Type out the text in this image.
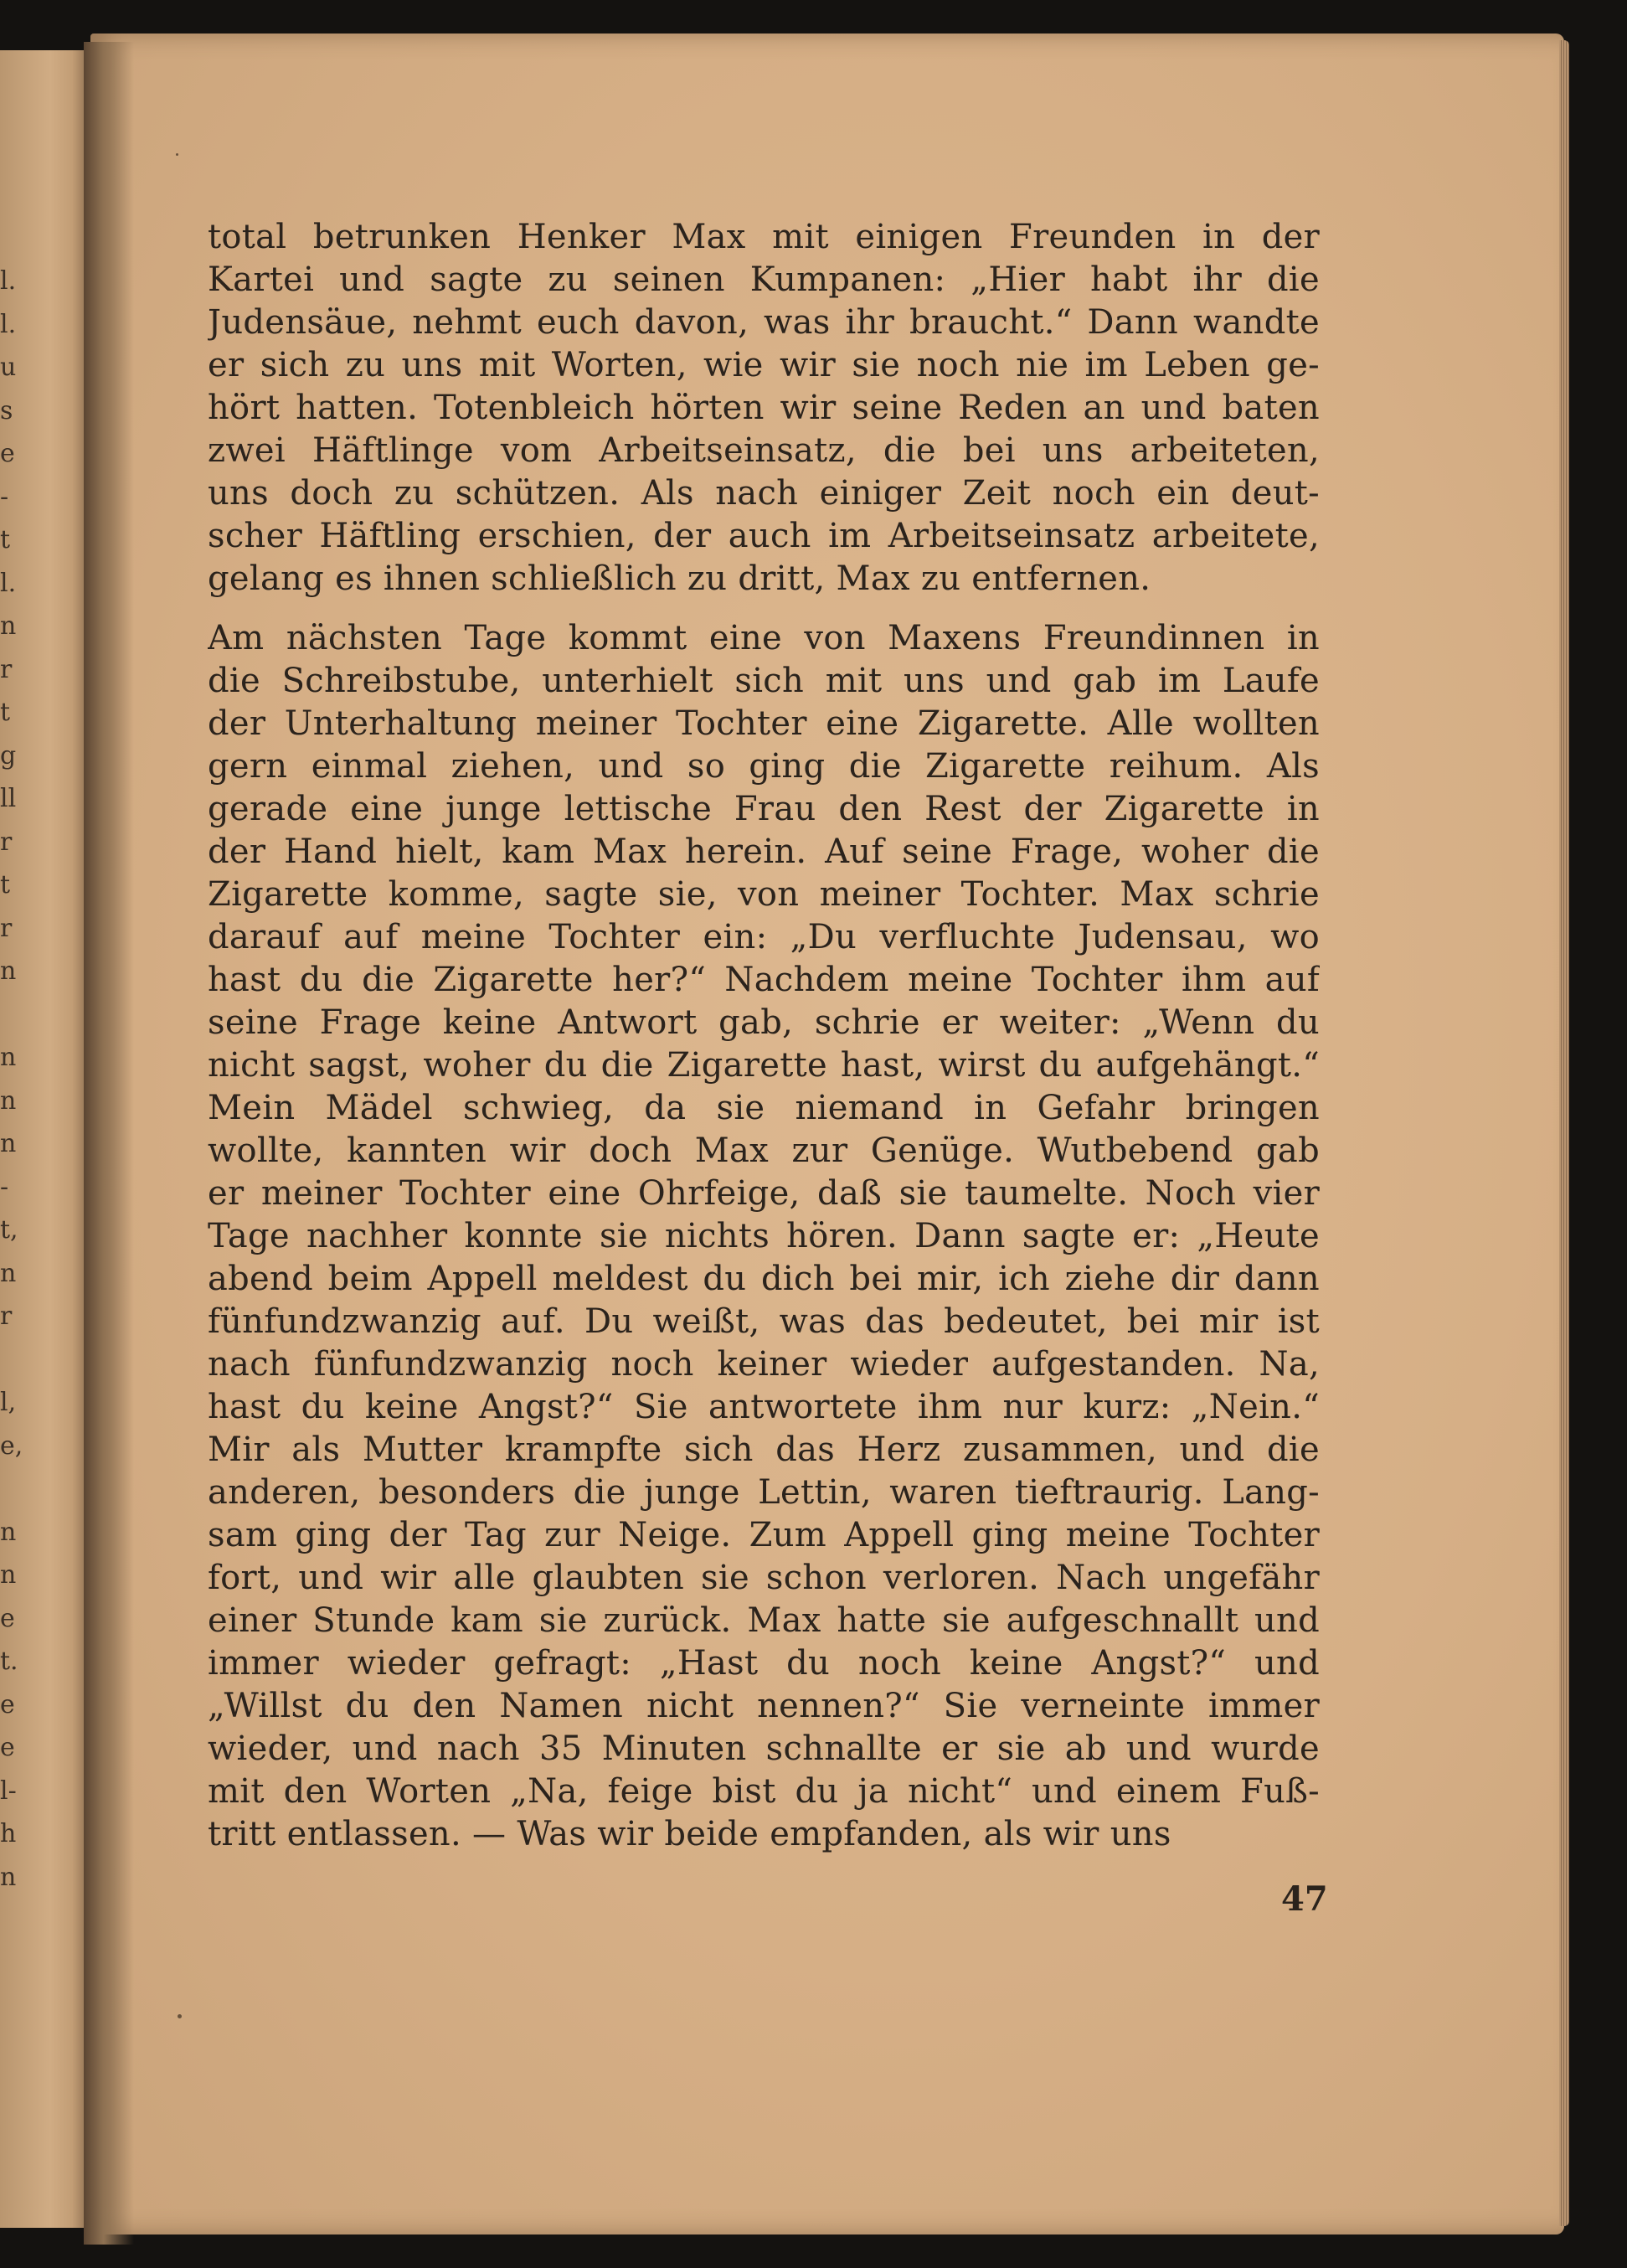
l.
l.
u
s
e
-
t
l.
n
r
t
g
ll
r
t
r
n
n
n
n
-
t,
n
r
l,
e,
n
n
e
t.
e
e
l-
h
n
total betrunken Henker Max mit einigen Freunden in der
Kartei und sagte zu seinen Kumpanen: „Hier habt ihr die
Judensäue, nehmt euch davon, was ihr braucht.“ Dann wandte
er sich zu uns mit Worten, wie wir sie noch nie im Leben ge-
hört hatten. Totenbleich hörten wir seine Reden an und baten
zwei Häftlinge vom Arbeitseinsatz, die bei uns arbeiteten,
uns doch zu schützen. Als nach einiger Zeit noch ein deut-
scher Häftling erschien, der auch im Arbeitseinsatz arbeitete,
gelang es ihnen schließlich zu dritt, Max zu entfernen.
Am nächsten Tage kommt eine von Maxens Freundinnen in
die Schreibstube, unterhielt sich mit uns und gab im Laufe
der Unterhaltung meiner Tochter eine Zigarette. Alle wollten
gern einmal ziehen, und so ging die Zigarette reihum. Als
gerade eine junge lettische Frau den Rest der Zigarette in
der Hand hielt, kam Max herein. Auf seine Frage, woher die
Zigarette komme, sagte sie, von meiner Tochter. Max schrie
darauf auf meine Tochter ein: „Du verfluchte Judensau, wo
hast du die Zigarette her?“ Nachdem meine Tochter ihm auf
seine Frage keine Antwort gab, schrie er weiter: „Wenn du
nicht sagst, woher du die Zigarette hast, wirst du aufgehängt.“
Mein Mädel schwieg, da sie niemand in Gefahr bringen
wollte, kannten wir doch Max zur Genüge. Wutbebend gab
er meiner Tochter eine Ohrfeige, daß sie taumelte. Noch vier
Tage nachher konnte sie nichts hören. Dann sagte er: „Heute
abend beim Appell meldest du dich bei mir, ich ziehe dir dann
fünfundzwanzig auf. Du weißt, was das bedeutet, bei mir ist
nach fünfundzwanzig noch keiner wieder aufgestanden. Na,
hast du keine Angst?“ Sie antwortete ihm nur kurz: „Nein.“
Mir als Mutter krampfte sich das Herz zusammen, und die
anderen, besonders die junge Lettin, waren tieftraurig. Lang-
sam ging der Tag zur Neige. Zum Appell ging meine Tochter
fort, und wir alle glaubten sie schon verloren. Nach ungefähr
einer Stunde kam sie zurück. Max hatte sie aufgeschnallt und
immer wieder gefragt: „Hast du noch keine Angst?“ und
„Willst du den Namen nicht nennen?“ Sie verneinte immer
wieder, und nach 35 Minuten schnallte er sie ab und wurde
mit den Worten „Na, feige bist du ja nicht“ und einem Fuß-
tritt entlassen. — Was wir beide empfanden, als wir uns
47
